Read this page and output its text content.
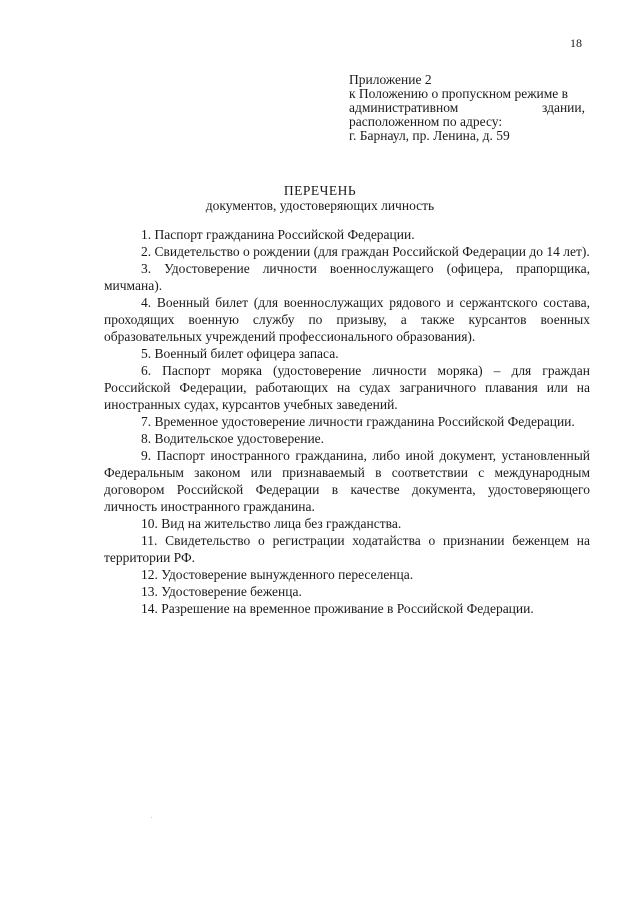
18
Приложение 2
к Положению о пропускном режиме в
административном	здании,
расположенном по адресу:
г. Барнаул, пр. Ленина, д. 59
ПЕРЕЧЕНЬ
документов, удостоверяющих личность

1. Паспорт гражданина Российской Федерации.

2. Свидетельство о рождении (для граждан Российской Федерации до 14 лет).

3. Удостоверение личности военнослужащего (офицера, прапорщика, мичмана).

4. Военный билет (для военнослужащих рядового и сержантского состава, проходящих военную службу по призыву, а также курсантов военных образовательных учреждений профессионального образования).

5. Военный билет офицера запаса.

6. Паспорт моряка (удостоверение личности моряка) – для граждан Российской Федерации, работающих на судах заграничного плавания или на иностранных судах, курсантов учебных заведений.

7. Временное удостоверение личности гражданина Российской Федерации.

8. Водительское удостоверение.

9. Паспорт иностранного гражданина, либо иной документ, установленный Федеральным законом или признаваемый в соответствии с международным договором Российской Федерации в качестве документа, удостоверяющего личность иностранного гражданина.

10. Вид на жительство лица без гражданства.

11. Свидетельство о регистрации ходатайства о признании беженцем на территории РФ.

12. Удостоверение вынужденного переселенца.

13. Удостоверение беженца.

14. Разрешение на временное проживание в Российской Федерации.
